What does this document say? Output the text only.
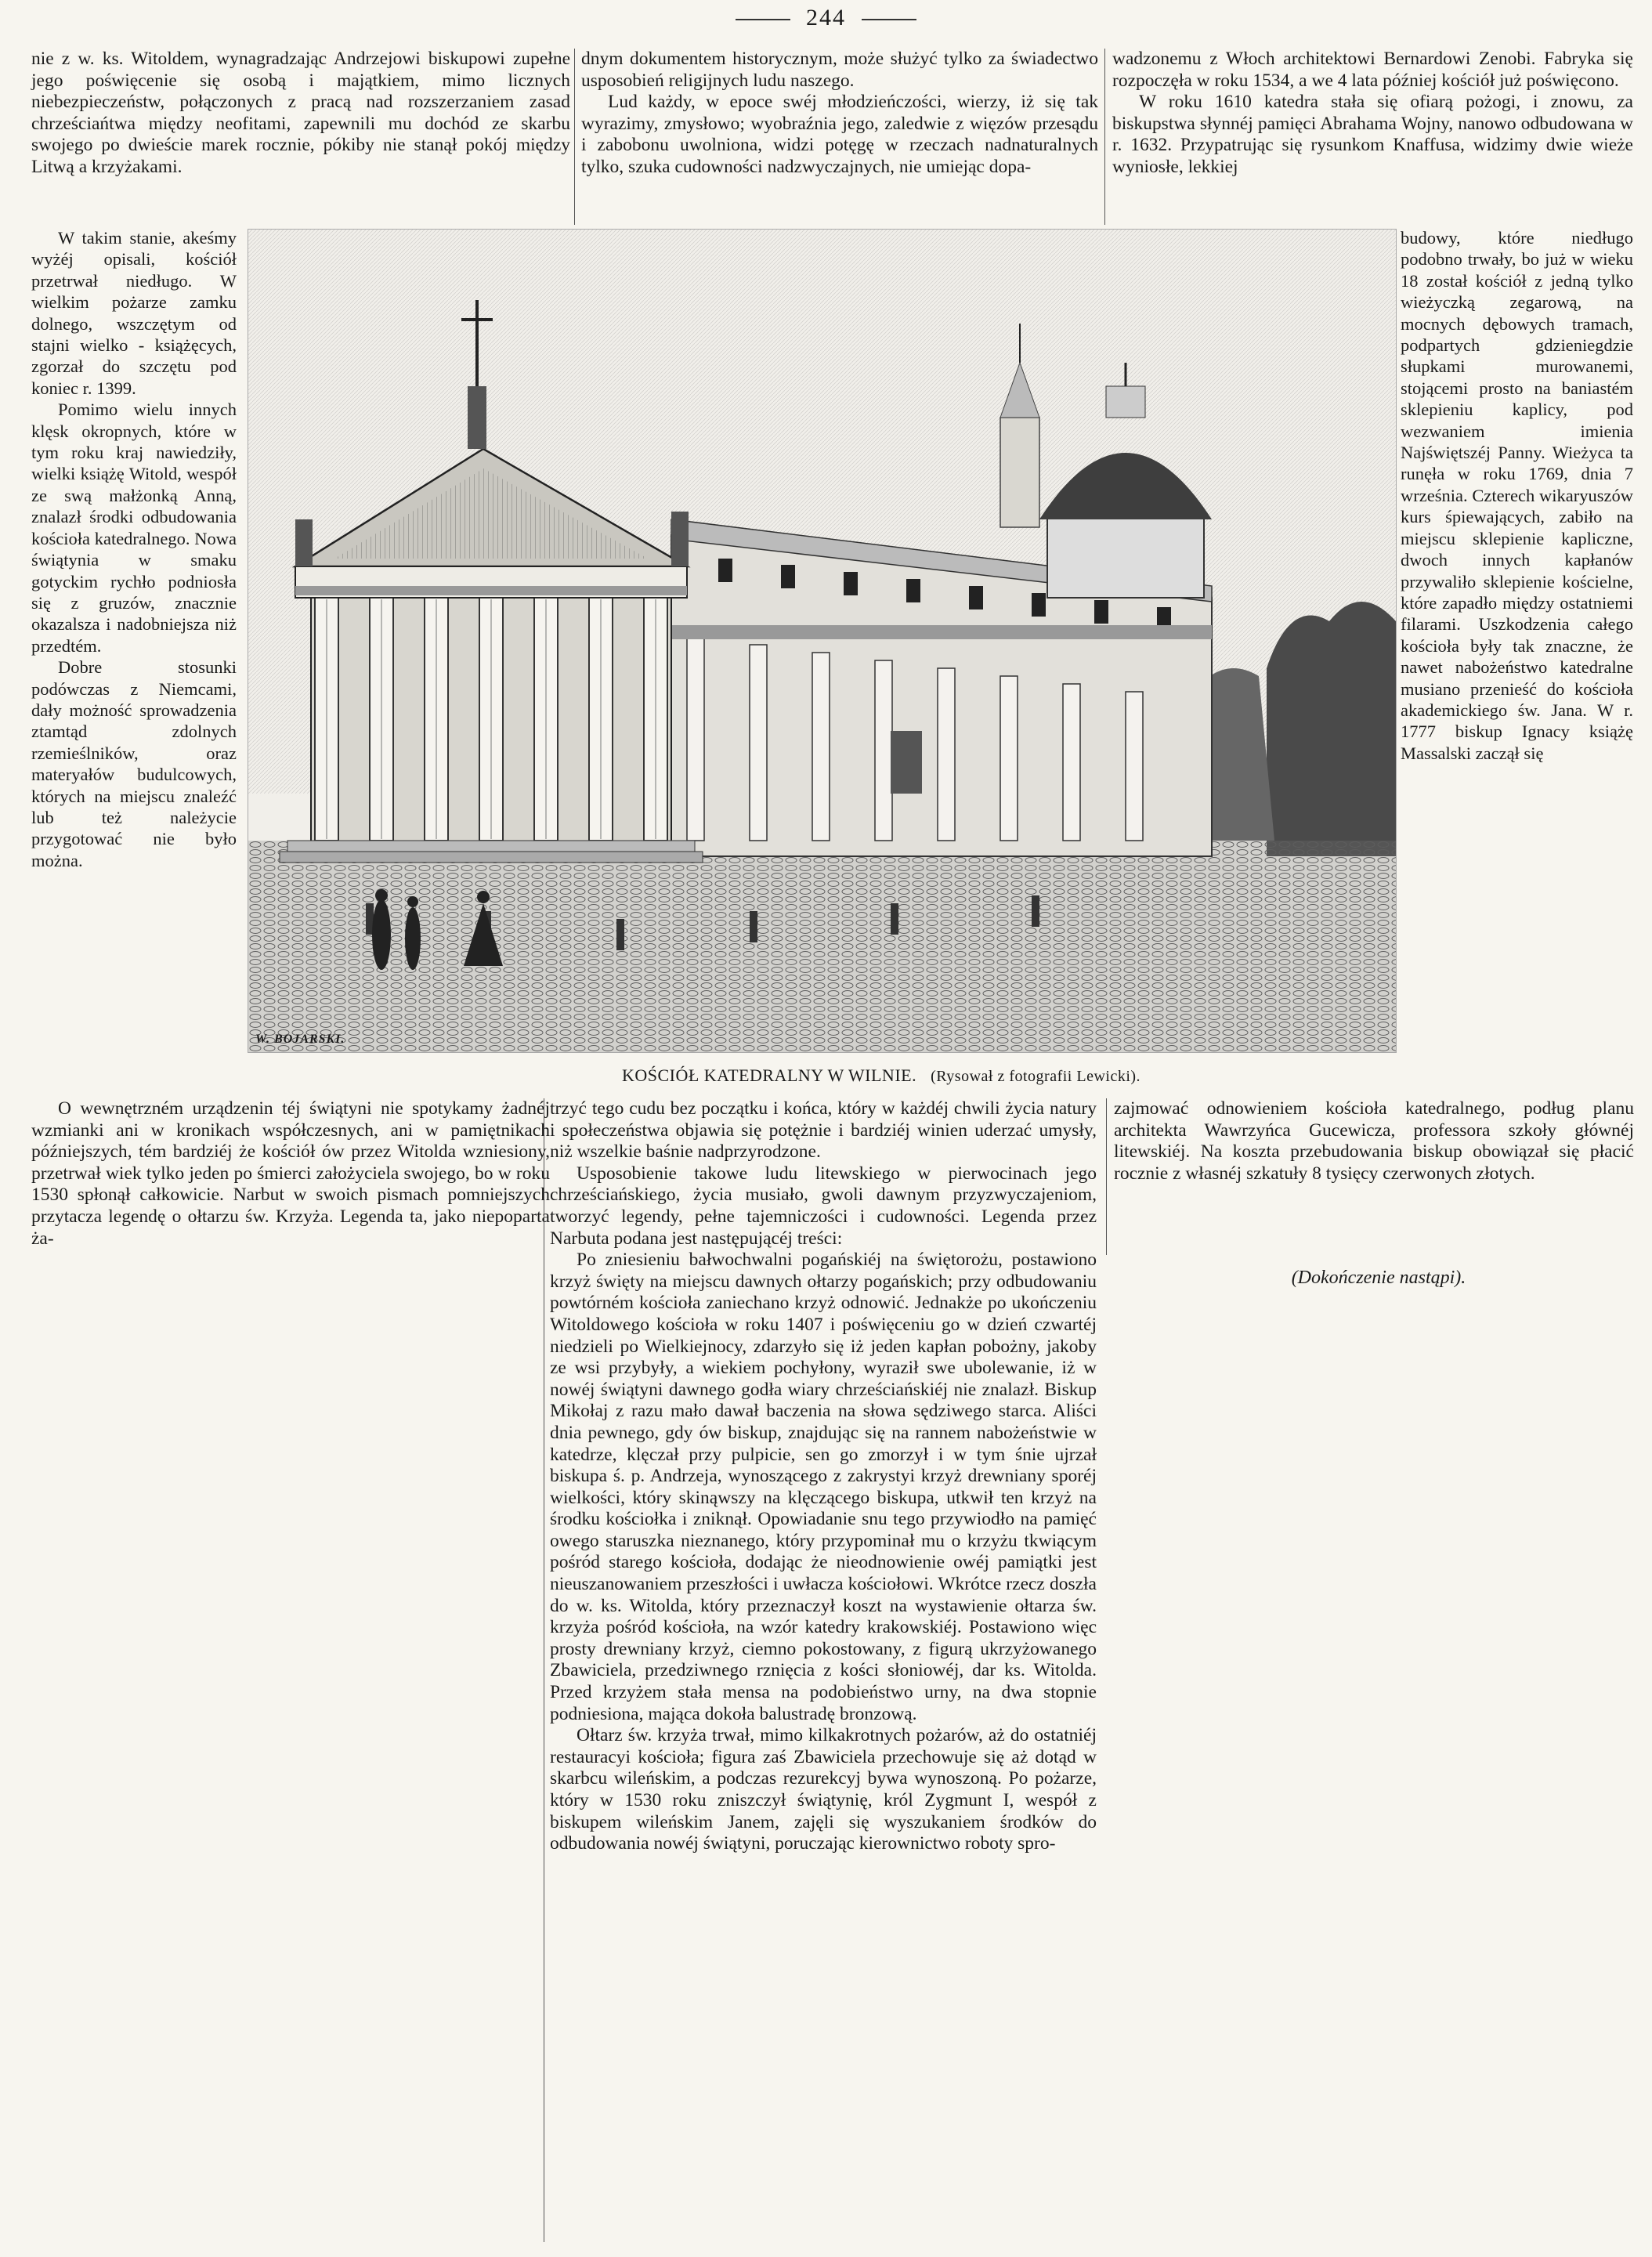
244

nie z w. ks. Witoldem, wynagradzając Andrzejowi biskupowi zupełne jego poświęcenie się osobą i majątkiem, mimo licznych niebezpieczeństw, połączonych z pracą nad rozszerzaniem zasad chrześciańtwa między neofitami, zapewnili mu dochód ze skarbu swojego po dwieście marek rocznie, pókiby nie stanął pokój między Litwą a krzyżakami.

dnym dokumentem historycznym, może służyć tylko za świadectwo usposobień religijnych ludu naszego.

Lud każdy, w epoce swéj młodzieńczości, wierzy, iż się tak wyrazimy, zmysłowo; wyobraźnia jego, zaledwie z więzów przesądu i zabobonu uwolniona, widzi potęgę w rzeczach nadnaturalnych tylko, szuka cudowności nadzwyczajnych, nie umiejąc dopa-

wadzonemu z Włoch architektowi Bernardowi Zenobi. Fabryka się rozpoczęła w roku 1534, a we 4 lata później kościół już poświęcono.

W roku 1610 katedra stała się ofiarą pożogi, i znowu, za biskupstwa słynnéj pamięci Abrahama Wojny, nanowo odbudowana w r. 1632. Przypatrując się rysunkom Knaffusa, widzimy dwie wieże wyniosłe, lekkiej

W takim stanie, akeśmy wyżéj opisali, kościół przetrwał niedługo. W wielkim pożarze zamku dolnego, wszczętym od stajni wielko - książęcych, zgorzał do szczętu pod koniec r. 1399.

Pomimo wielu innych klęsk okropnych, które w tym roku kraj nawiedziły, wielki książę Witold, wespół ze swą małżonką Anną, znalazł środki odbudowania kościoła katedralnego. Nowa świątynia w smaku gotyckim rychło podniosła się z gruzów, znacznie okazalsza i nadobniejsza niż przedtém.

Dobre stosunki podówczas z Niemcami, dały możność sprowadzenia ztamtąd zdolnych rzemieślników, oraz materyałów budulcowych, których na miejscu znaleźć lub też należycie przygotować nie było można.

budowy, które niedługo podobno trwały, bo już w wieku 18 został kościół z jedną tylko wieżyczką zegarową, na mocnych dębowych tramach, podpartych gdzieniegdzie słupkami murowanemi, stojącemi prosto na baniastém sklepieniu kaplicy, pod wezwaniem imienia Najświętszéj Panny. Wieżyca ta runęła w roku 1769, dnia 7 września. Czterech wikaryuszów kurs śpiewających, zabiło na miejscu sklepienie kapliczne, dwoch innych kapłanów przywaliło sklepienie kościelne, które zapadło między ostatniemi filarami. Uszkodzenia całego kościoła były tak znaczne, że nawet nabożeństwo katedralne musiano przenieść do kościoła akademickiego św. Jana. W r. 1777 biskup Ignacy książę Massalski zaczął się

W. BOJARSKI.
KOŚCIÓŁ KATEDRALNY W WILNIE. (Rysował z fotografii Lewicki).

O wewnętrzném urządzenin téj świątyni nie spotykamy żadnéj wzmianki ani w kronikach współczesnych, ani w pamiętnikach późniejszych, tém bardziéj że kościół ów przez Witolda wzniesiony, przetrwał wiek tylko jeden po śmierci założyciela swojego, bo w roku 1530 spłonął całkowicie. Narbut w swoich pismach pomniejszych przytacza legendę o ołtarzu św. Krzyża. Legenda ta, jako niepoparta ża-

trzyć tego cudu bez początku i końca, który w każdéj chwili życia natury i społeczeństwa objawia się potężnie i bardziéj winien uderzać umysły, niż wszelkie baśnie nadprzyrodzone.

Usposobienie takowe ludu litewskiego w pierwocinach jego chrześciańskiego, życia musiało, gwoli dawnym przyzwyczajeniom, tworzyć legendy, pełne tajemniczości i cudowności. Legenda przez Narbuta podana jest następującéj treści:

Po zniesieniu bałwochwalni pogańskiéj na świętorożu, postawiono krzyż święty na miejscu dawnych ołtarzy pogańskich; przy odbudowaniu powtórném kościoła zaniechano krzyż odnowić. Jednakże po ukończeniu Witoldowego kościoła w roku 1407 i poświęceniu go w dzień czwartéj niedzieli po Wielkiejnocy, zdarzyło się iż jeden kapłan pobożny, jakoby ze wsi przybyły, a wiekiem pochyłony, wyraził swe ubolewanie, iż w nowéj świątyni dawnego godła wiary chrześciańskiéj nie znalazł. Biskup Mikołaj z razu mało dawał baczenia na słowa sędziwego starca. Aliści dnia pewnego, gdy ów biskup, znajdując się na rannem nabożeństwie w katedrze, klęczał przy pulpicie, sen go zmorzył i w tym śnie ujrzał biskupa ś. p. Andrzeja, wynoszącego z zakrystyi krzyż drewniany sporéj wielkości, który skinąwszy na klęczącego biskupa, utkwił ten krzyż na środku kościołka i zniknął. Opowiadanie snu tego przywiodło na pamięć owego staruszka nieznanego, który przypominał mu o krzyżu tkwiącym pośród starego kościoła, dodając że nieodnowienie owéj pamiątki jest nieuszanowaniem przeszłości i uwłaczа kościołowi. Wkrótce rzecz doszła do w. ks. Witolda, który przeznaczył koszt na wystawienie ołtarza św. krzyża pośród kościoła, na wzór katedry krakowskiéj. Postawiono więc prosty drewniany krzyż, ciemno pokostowany, z figurą ukrzyżowanego Zbawiciela, przedziwnego rznięcia z kości słoniowéj, dar ks. Witolda. Przed krzyżem stała mensa na podobieństwo urny, na dwa stopnie podniesiona, mająca dokoła balustradę bronzową.

Ołtarz św. krzyża trwał, mimo kilkakrotnych pożarów, aż do ostatniéj restauracyi kościoła; figura zaś Zbawiciela przechowuje się aż dotąd w skarbcu wileńskim, a podczas rezurekcyj bywa wynoszoną. Po pożarze, który w 1530 roku zniszczył świątynię, król Zygmunt I, wespół z biskupem wileńskim Janem, zajęli się wyszukaniem środków do odbudowania nowéj świątyni, poruczając kierownictwo roboty spro-

zajmować odnowieniem kościoła katedralnego, podług planu architekta Wawrzyńca Gucewicza, professora szkoły głównéj litewskiéj. Na koszta przebudowania biskup obowiązał się płacić rocznie z własnéj szkatuły 8 tysięcy czerwonych złotych.

(Dokończenie nastąpi).
